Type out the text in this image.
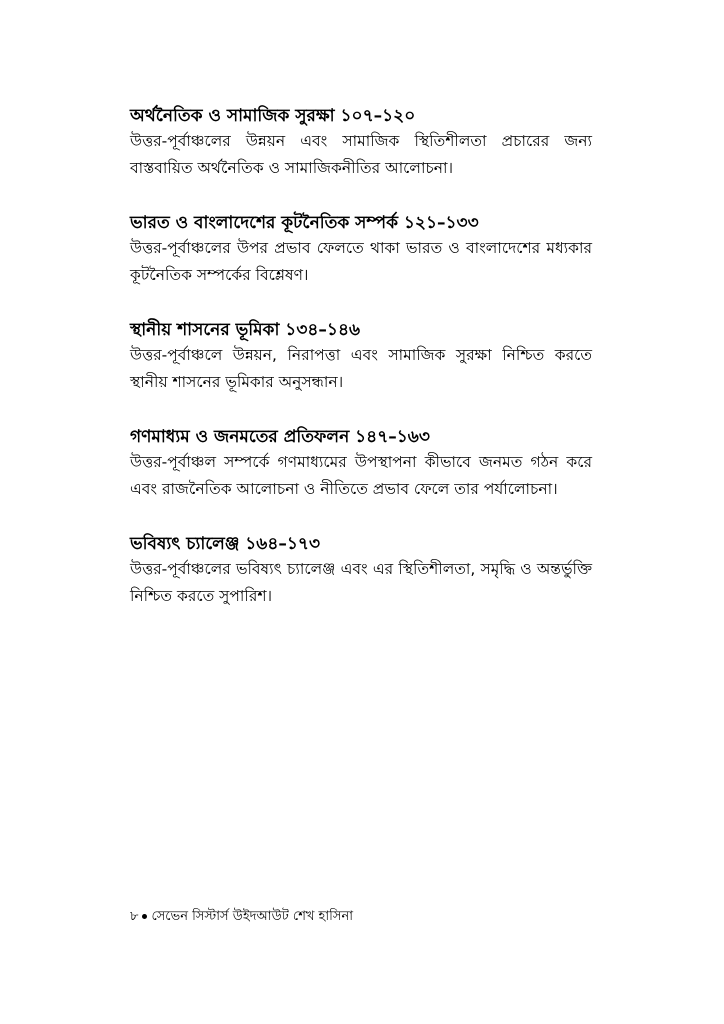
অর্থনৈতিক ও সামাজিক সুরক্ষা ১০৭–১২০

উত্তর-পূর্বাঞ্চলের উন্নয়ন এবং সামাজিক স্থিতিশীলতা প্রচারের জন্য বাস্তবায়িত অর্থনৈতিক ও সামাজিকনীতির আলোচনা।

ভারত ও বাংলাদেশের কূটনৈতিক সম্পর্ক ১২১–১৩৩

উত্তর-পূর্বাঞ্চলের উপর প্রভাব ফেলতে থাকা ভারত ও বাংলাদেশের মধ্যকার কূটনৈতিক সম্পর্কের বিশ্লেষণ।

স্থানীয় শাসনের ভূমিকা ১৩৪–১৪৬

উত্তর-পূর্বাঞ্চলে উন্নয়ন, নিরাপত্তা এবং সামাজিক সুরক্ষা নিশ্চিত করতে স্থানীয় শাসনের ভূমিকার অনুসন্ধান।

গণমাধ্যম ও জনমতের প্রতিফলন ১৪৭–১৬৩

উত্তর-পূর্বাঞ্চল সম্পর্কে গণমাধ্যমের উপস্থাপনা কীভাবে জনমত গঠন করে এবং রাজনৈতিক আলোচনা ও নীতিতে প্রভাব ফেলে তার পর্যালোচনা।

ভবিষ্যৎ চ্যালেঞ্জ ১৬৪–১৭৩

উত্তর-পূর্বাঞ্চলের ভবিষ্যৎ চ্যালেঞ্জ এবং এর স্থিতিশীলতা, সমৃদ্ধি ও অন্তর্ভুক্তি নিশ্চিত করতে সুপারিশ।

৮ সেভেন সিস্টার্স উইদআউট শেখ হাসিনা
